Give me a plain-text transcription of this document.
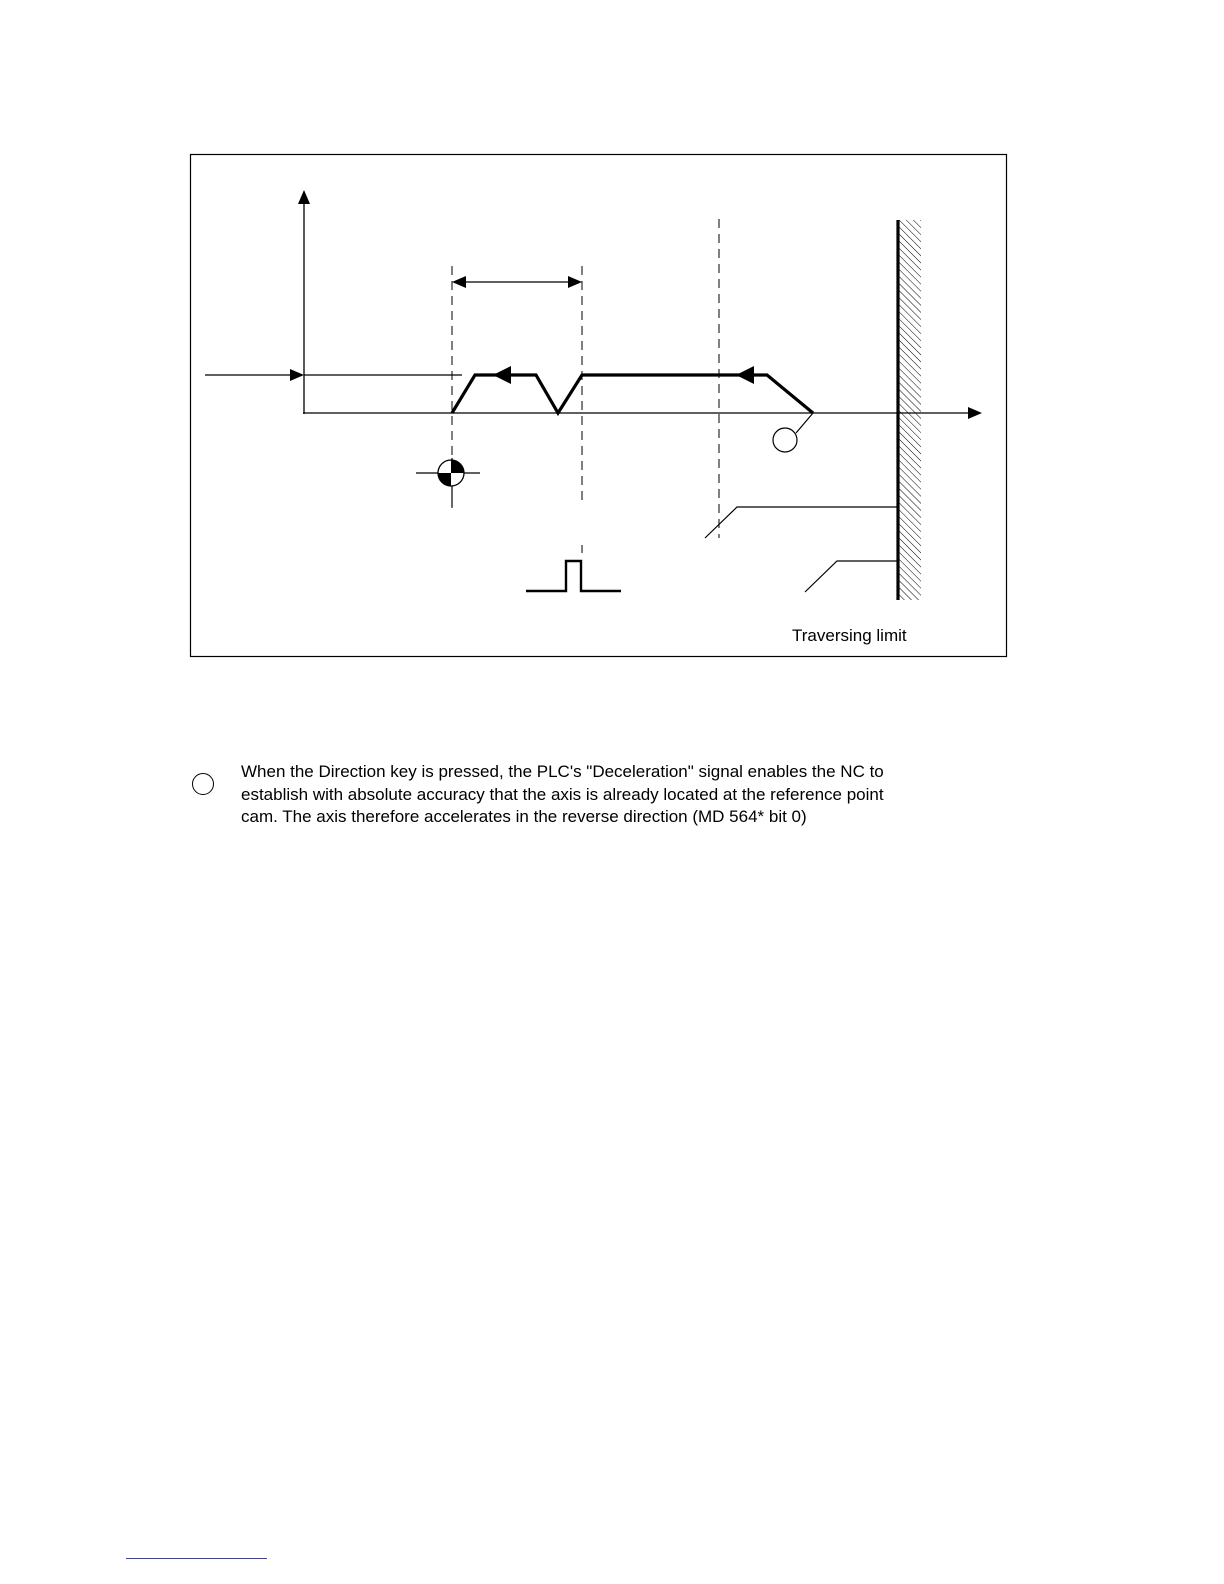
Traversing limit
When the Direction key is pressed, the PLC's "Deceleration" signal enables the NC to
establish with absolute accuracy that the axis is already located at the reference point
cam. The axis therefore accelerates in the reverse direction (MD 564* bit 0)
